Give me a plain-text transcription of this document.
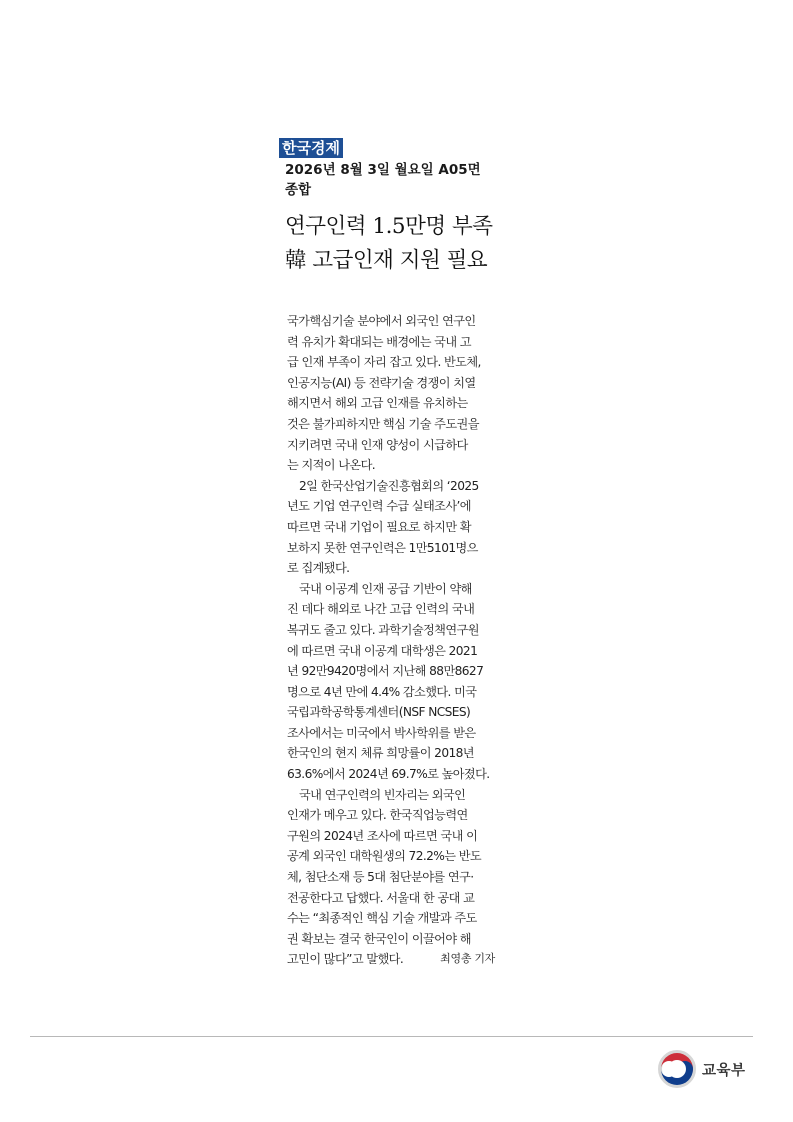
한국경제
2026년 8월 3일 월요일 A05면
종합
연구인력 1.5만명 부족
韓 고급인재 지원 필요
국가핵심기술 분야에서 외국인 연구인
력 유치가 확대되는 배경에는 국내 고
급 인재 부족이 자리 잡고 있다. 반도체,
인공지능(AI) 등 전략기술 경쟁이 치열
해지면서 해외 고급 인재를 유치하는
것은 불가피하지만 핵심 기술 주도권을
지키려면 국내 인재 양성이 시급하다
는 지적이 나온다.
2일 한국산업기술진흥협회의 ‘2025
년도 기업 연구인력 수급 실태조사’에
따르면 국내 기업이 필요로 하지만 확
보하지 못한 연구인력은 1만5101명으
로 집계됐다.
국내 이공계 인재 공급 기반이 약해
진 데다 해외로 나간 고급 인력의 국내
복귀도 줄고 있다. 과학기술정책연구원
에 따르면 국내 이공계 대학생은 2021
년 92만9420명에서 지난해 88만8627
명으로 4년 만에 4.4% 감소했다. 미국
국립과학공학통계센터(NSF NCSES)
조사에서는 미국에서 박사학위를 받은
한국인의 현지 체류 희망률이 2018년
63.6%에서 2024년 69.7%로 높아졌다.
국내 연구인력의 빈자리는 외국인
인재가 메우고 있다. 한국직업능력연
구원의 2024년 조사에 따르면 국내 이
공계 외국인 대학원생의 72.2%는 반도
체, 첨단소재 등 5대 첨단분야를 연구·
전공한다고 답했다. 서울대 한 공대 교
수는 “최종적인 핵심 기술 개발과 주도
권 확보는 결국 한국인이 이끌어야 해
고민이 많다”고 말했다.	최영총 기자
교육부
